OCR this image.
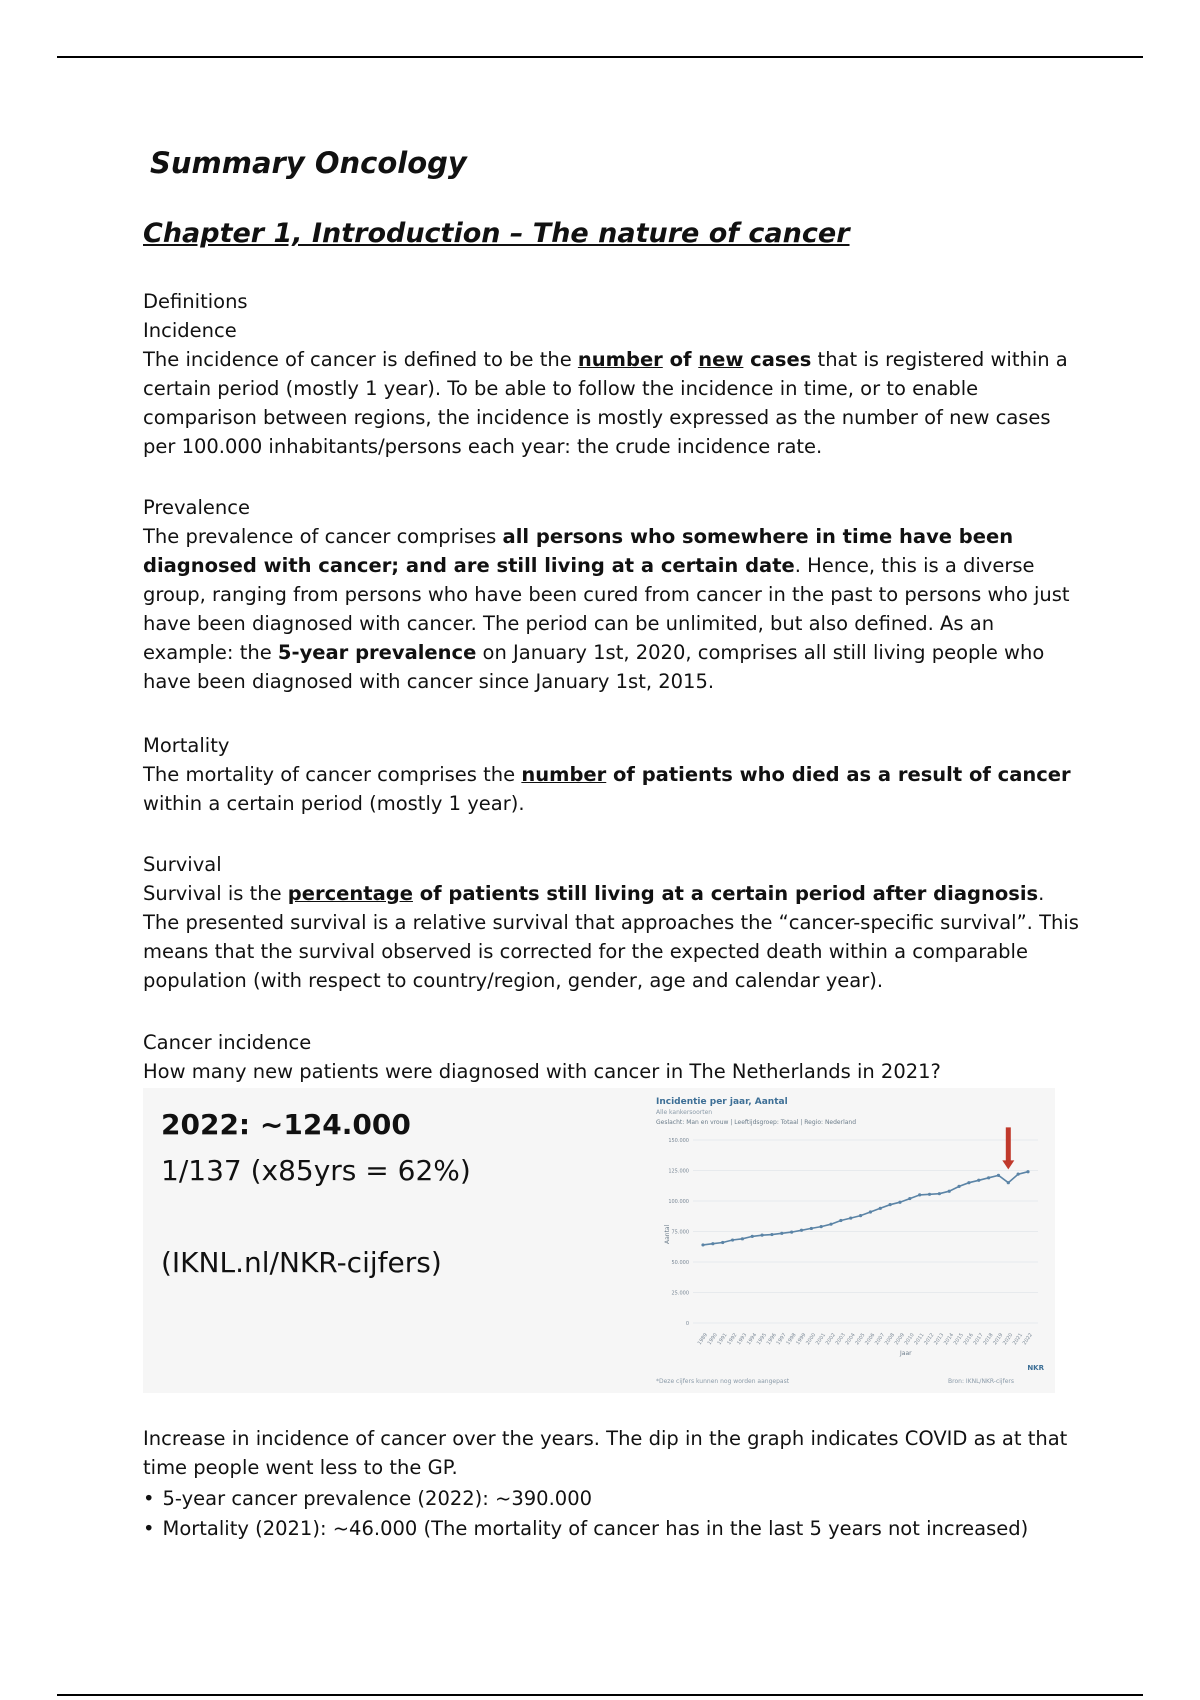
Summary Oncology
Chapter 1, Introduction – The nature of cancer

Definitions

Incidence
The incidence of cancer is defined to be the number of new cases that is registered within a certain period (mostly 1 year). To be able to follow the incidence in time, or to enable comparison between regions, the incidence is mostly expressed as the number of new cases per 100.000 inhabitants/persons each year: the crude incidence rate.

Prevalence
The prevalence of cancer comprises all persons who somewhere in time have been diagnosed with cancer; and are still living at a certain date. Hence, this is a diverse group, ranging from persons who have been cured from cancer in the past to persons who just have been diagnosed with cancer. The period can be unlimited, but also defined. As an example: the 5-year prevalence on January 1st, 2020, comprises all still living people who have been diagnosed with cancer since January 1st, 2015.

Mortality
The mortality of cancer comprises the number of patients who died as a result of cancer within a certain period (mostly 1 year).

Survival
Survival is the percentage of patients still living at a certain period after diagnosis. The presented survival is a relative survival that approaches the “cancer-specific survival”. This means that the survival observed is corrected for the expected death within a comparable population (with respect to country/region, gender, age and calendar year).

Cancer incidence
How many new patients were diagnosed with cancer in The Netherlands in 2021?

2022: ~124.000
1/137 (x85yrs = 62%)
(IKNL.nl/NKR-cijfers)
Incidentie per jaar, Aantal
Alle kankersoorten
Geslacht: Man en vrouw | Leeftijdsgroep: Totaal | Regio: Nederland
Aantal
Jaar
*Deze cijfers kunnen nog worden aangepast
NKR
Bron: IKNL/NKR-cijfers
0
25.000
50.000
75.000
100.000
125.000
150.000
1989
1990
1991
1992
1993
1994
1995
1996
1997
1998
1999
2000
2001
2002
2003
2004
2005
2006
2007
2008
2009
2010
2011
2012
2013
2014
2015
2016
2017
2018
2019
2020
2021
2022

Increase in incidence of cancer over the years. The dip in the graph indicates COVID as at that time people went less to the GP.

• 5-year cancer prevalence (2022): ~390.000
• Mortality (2021): ~46.000 (The mortality of cancer has in the last 5 years not increased)
